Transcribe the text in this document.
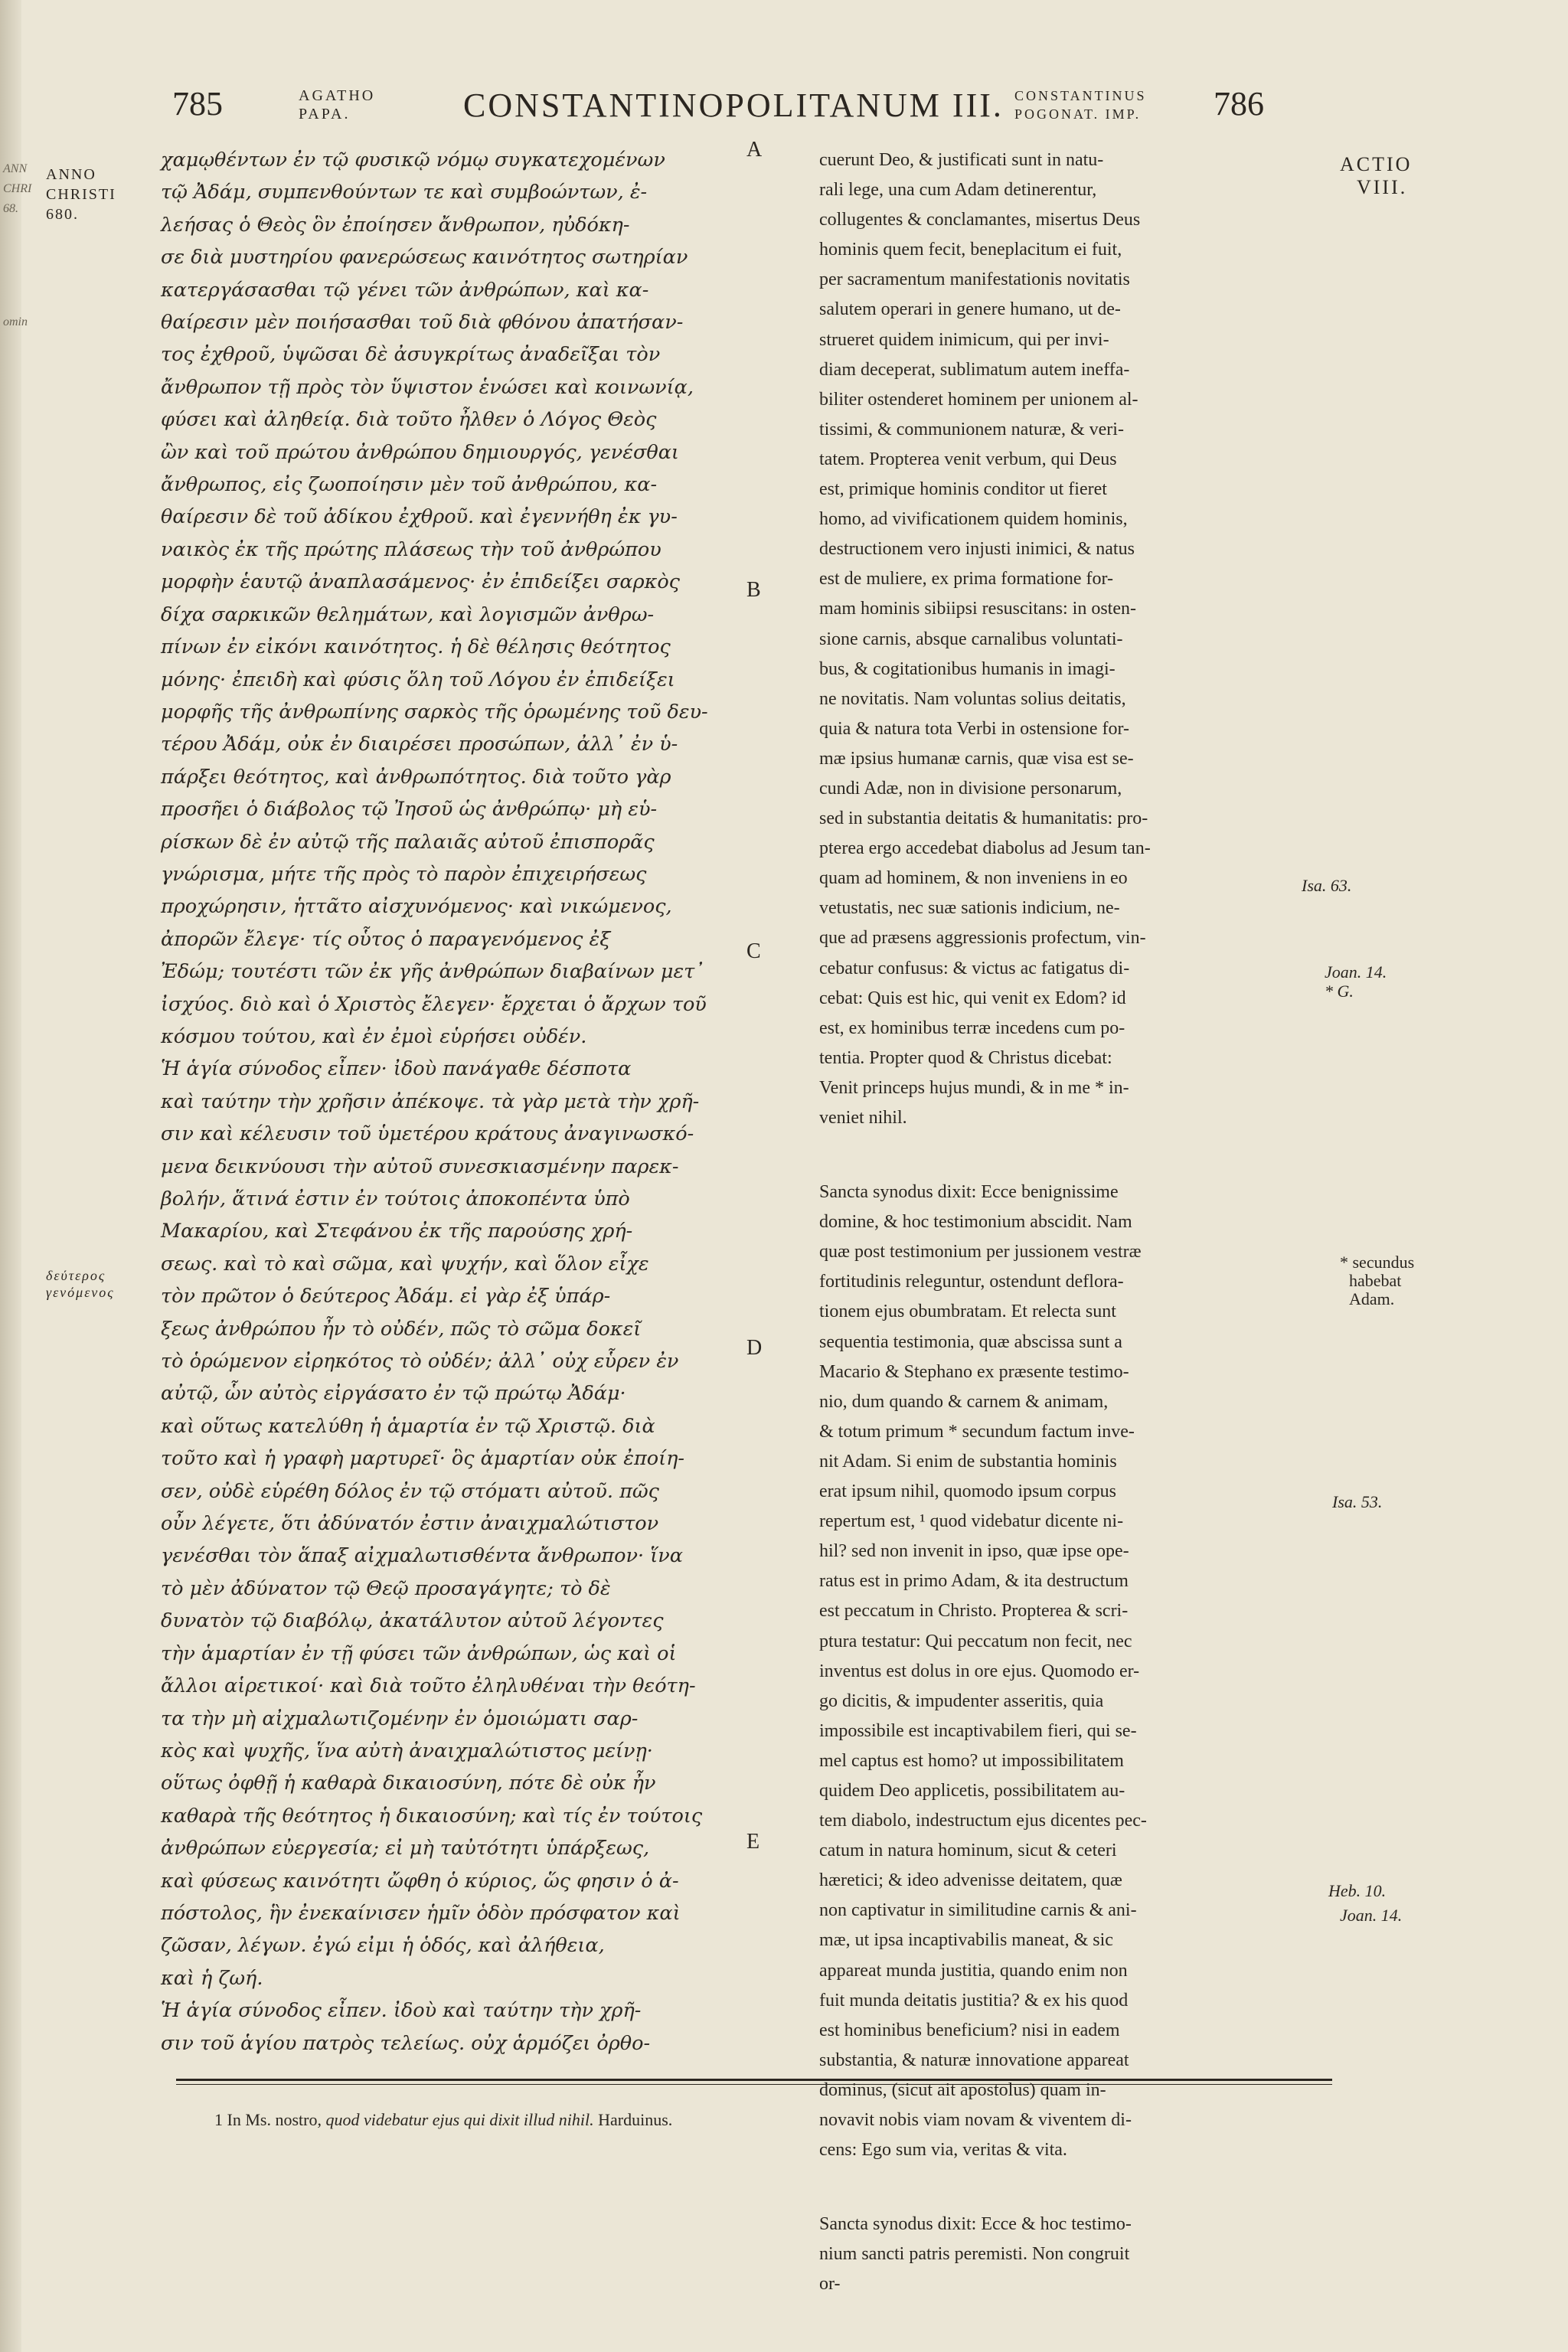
ANN
CHRI
68.
omin
785	AGATHO
PAPA.	CONSTANTINOPOLITANUM III. CONSTANTINUS
POGONAT. IMP. 786
ANNO
CHRISTI
680.
δεύτερος
γενόμενος

χαμῳθέντων ἐν τῷ φυσικῷ νόμῳ συγκατεχομένων
τῷ Ἀδάμ, συμπενθούντων τε καὶ συμβοώντων, ἐ-
λεήσας ὁ Θεὸς ὃν ἐποίησεν ἄνθρωπον, ηὐδόκη-
σε διὰ μυστηρίου φανερώσεως καινότητος σωτηρίαν
κατεργάσασθαι τῷ γένει τῶν ἀνθρώπων, καὶ κα-
θαίρεσιν μὲν ποιήσασθαι τοῦ διὰ φθόνου ἀπατήσαν-
τος ἐχθροῦ, ὑψῶσαι δὲ ἀσυγκρίτως ἀναδεῖξαι τὸν
ἄνθρωπον τῇ πρὸς τὸν ὕψιστον ἑνώσει καὶ κοινωνίᾳ,
φύσει καὶ ἀληθείᾳ. διὰ τοῦτο ἦλθεν ὁ Λόγος Θεὸς
ὢν καὶ τοῦ πρώτου ἀνθρώπου δημιουργός, γενέσθαι
ἄνθρωπος, εἰς ζωοποίησιν μὲν τοῦ ἀνθρώπου, κα-
θαίρεσιν δὲ τοῦ ἀδίκου ἐχθροῦ. καὶ ἐγεννήθη ἐκ γυ-
ναικὸς ἐκ τῆς πρώτης πλάσεως τὴν τοῦ ἀνθρώπου
μορφὴν ἑαυτῷ ἀναπλασάμενος· ἐν ἐπιδείξει σαρκὸς
δίχα σαρκικῶν θελημάτων, καὶ λογισμῶν ἀνθρω-
πίνων ἐν εἰκόνι καινότητος. ἡ δὲ θέλησις θεότητος
μόνης· ἐπειδὴ καὶ φύσις ὅλη τοῦ Λόγου ἐν ἐπιδείξει
μορφῆς τῆς ἀνθρωπίνης σαρκὸς τῆς ὁρωμένης τοῦ δευ-
τέρου Ἀδάμ, οὐκ ἐν διαιρέσει προσώπων, ἀλλ᾽ ἐν ὑ-
πάρξει θεότητος, καὶ ἀνθρωπότητος. διὰ τοῦτο γὰρ
προσῆει ὁ διάβολος τῷ Ἰησοῦ ὡς ἀνθρώπῳ· μὴ εὑ-
ρίσκων δὲ ἐν αὐτῷ τῆς παλαιᾶς αὐτοῦ ἐπισπορᾶς
γνώρισμα, μήτε τῆς πρὸς τὸ παρὸν ἐπιχειρήσεως
προχώρησιν, ἡττᾶτο αἰσχυνόμενος· καὶ νικώμενος,
ἀπορῶν ἔλεγε· τίς οὗτος ὁ παραγενόμενος ἐξ
Ἐδώμ; τουτέστι τῶν ἐκ γῆς ἀνθρώπων διαβαίνων μετ᾽
ἰσχύος. διὸ καὶ ὁ Χριστὸς ἔλεγεν· ἔρχεται ὁ ἄρχων τοῦ
κόσμου τούτου, καὶ ἐν ἐμοὶ εὑρήσει οὐδέν.

Ἡ ἁγία σύνοδος εἶπεν· ἰδοὺ πανάγαθε δέσποτα
καὶ ταύτην τὴν χρῆσιν ἀπέκοψε. τὰ γὰρ μετὰ τὴν χρῆ-
σιν καὶ κέλευσιν τοῦ ὑμετέρου κράτους ἀναγινωσκό-
μενα δεικνύουσι τὴν αὐτοῦ συνεσκιασμένην παρεκ-
βολήν, ἅτινά ἐστιν ἐν τούτοις ἀποκοπέντα ὑπὸ
Μακαρίου, καὶ Στεφάνου ἐκ τῆς παρούσης χρή-
σεως. καὶ τὸ καὶ σῶμα, καὶ ψυχήν, καὶ ὅλον εἶχε
τὸν πρῶτον ὁ δεύτερος Ἀδάμ. εἰ γὰρ ἐξ ὑπάρ-
ξεως ἀνθρώπου ἦν τὸ οὐδέν, πῶς τὸ σῶμα δοκεῖ
τὸ ὁρώμενον εἰρηκότος τὸ οὐδέν; ἀλλ᾽ οὐχ εὗρεν ἐν
αὐτῷ, ὧν αὐτὸς εἰργάσατο ἐν τῷ πρώτῳ Ἀδάμ·
καὶ οὕτως κατελύθη ἡ ἁμαρτία ἐν τῷ Χριστῷ. διὰ
τοῦτο καὶ ἡ γραφὴ μαρτυρεῖ· ὃς ἁμαρτίαν οὐκ ἐποίη-
σεν, οὐδὲ εὑρέθη δόλος ἐν τῷ στόματι αὐτοῦ. πῶς
οὖν λέγετε, ὅτι ἀδύνατόν ἐστιν ἀναιχμαλώτιστον
γενέσθαι τὸν ἅπαξ αἰχμαλωτισθέντα ἄνθρωπον· ἵνα
τὸ μὲν ἀδύνατον τῷ Θεῷ προσαγάγητε; τὸ δὲ
δυνατὸν τῷ διαβόλῳ, ἀκατάλυτον αὐτοῦ λέγοντες
τὴν ἁμαρτίαν ἐν τῇ φύσει τῶν ἀνθρώπων, ὡς καὶ οἱ
ἄλλοι αἱρετικοί· καὶ διὰ τοῦτο ἐληλυθέναι τὴν θεότη-
τα τὴν μὴ αἰχμαλωτιζομένην ἐν ὁμοιώματι σαρ-
κὸς καὶ ψυχῆς, ἵνα αὐτὴ ἀναιχμαλώτιστος μείνῃ·
οὕτως ὀφθῇ ἡ καθαρὰ δικαιοσύνη, πότε δὲ οὐκ ἦν
καθαρὰ τῆς θεότητος ἡ δικαιοσύνη; καὶ τίς ἐν τούτοις
ἀνθρώπων εὐεργεσία; εἰ μὴ ταὐτότητι ὑπάρξεως,
καὶ φύσεως καινότητι ὤφθη ὁ κύριος, ὥς φησιν ὁ ἀ-
πόστολος, ἣν ἐνεκαίνισεν ἡμῖν ὁδὸν πρόσφατον καὶ
ζῶσαν, λέγων. ἐγώ εἰμι ἡ ὁδός, καὶ ἀλήθεια,
καὶ ἡ ζωή.

Ἡ ἁγία σύνοδος εἶπεν. ἰδοὺ καὶ ταύτην τὴν χρῆ-
σιν τοῦ ἁγίου πατρὸς τελείως. οὐχ ἁρμόζει ὀρθο-

A
B
C
D
E

cuerunt Deo, & justificati sunt in natu-
rali lege, una cum Adam detinerentur,
collugentes & conclamantes, misertus Deus
hominis quem fecit, beneplacitum ei fuit,
per sacramentum manifestationis novitatis
salutem operari in genere humano, ut de-
strueret quidem inimicum, qui per invi-
diam deceperat, sublimatum autem ineffa-
biliter ostenderet hominem per unionem al-
tissimi, & communionem naturæ, & veri-
tatem. Propterea venit verbum, qui Deus
est, primique hominis conditor ut fieret
homo, ad vivificationem quidem hominis,
destructionem vero injusti inimici, & natus
est de muliere, ex prima formatione for-
mam hominis sibiipsi resuscitans: in osten-
sione carnis, absque carnalibus voluntati-
bus, & cogitationibus humanis in imagi-
ne novitatis. Nam voluntas solius deitatis,
quia & natura tota Verbi in ostensione for-
mæ ipsius humanæ carnis, quæ visa est se-
cundi Adæ, non in divisione personarum,
sed in substantia deitatis & humanitatis: pro-
pterea ergo accedebat diabolus ad Jesum tan-
quam ad hominem, & non inveniens in eo
vetustatis, nec suæ sationis indicium, ne-
que ad præsens aggressionis profectum, vin-
cebatur confusus: & victus ac fatigatus di-
cebat: Quis est hic, qui venit ex Edom? id
est, ex hominibus terræ incedens cum po-
tentia. Propter quod & Christus dicebat:
Venit princeps hujus mundi, & in me * in-
veniet nihil.

Sancta synodus dixit: Ecce benignissime
domine, & hoc testimonium abscidit. Nam
quæ post testimonium per jussionem vestræ
fortitudinis releguntur, ostendunt deflora-
tionem ejus obumbratam. Et relecta sunt
sequentia testimonia, quæ abscissa sunt a
Macario & Stephano ex præsente testimo-
nio, dum quando & carnem & animam,
& totum primum * secundum factum inve-
nit Adam. Si enim de substantia hominis
erat ipsum nihil, quomodo ipsum corpus
repertum est, ¹ quod videbatur dicente ni-
hil? sed non invenit in ipso, quæ ipse ope-
ratus est in primo Adam, & ita destructum
est peccatum in Christo. Propterea & scri-
ptura testatur: Qui peccatum non fecit, nec
inventus est dolus in ore ejus. Quomodo er-
go dicitis, & impudenter asseritis, quia
impossibile est incaptivabilem fieri, qui se-
mel captus est homo? ut impossibilitatem
quidem Deo applicetis, possibilitatem au-
tem diabolo, indestructum ejus dicentes pec-
catum in natura hominum, sicut & ceteri
hæretici; & ideo advenisse deitatem, quæ
non captivatur in similitudine carnis & ani-
mæ, ut ipsa incaptivabilis maneat, & sic
appareat munda justitia, quando enim non
fuit munda deitatis justitia? & ex his quod
est hominibus beneficium? nisi in eadem
substantia, & naturæ innovatione appareat
dominus, (sicut ait apostolus) quam in-
novavit nobis viam novam & viventem di-
cens: Ego sum via, veritas & vita.

Sancta synodus dixit: Ecce & hoc testimo-
nium sancti patris peremisti. Non congruit
or-

ACTIO
VIII.
Isa. 63.
Joan. 14.
* G.
* secundus
habebat
Adam.
Isa. 53.
Heb. 10.
Joan. 14.
1 In Ms. nostro, quod videbatur ejus qui dixit illud nihil. Harduinus.
